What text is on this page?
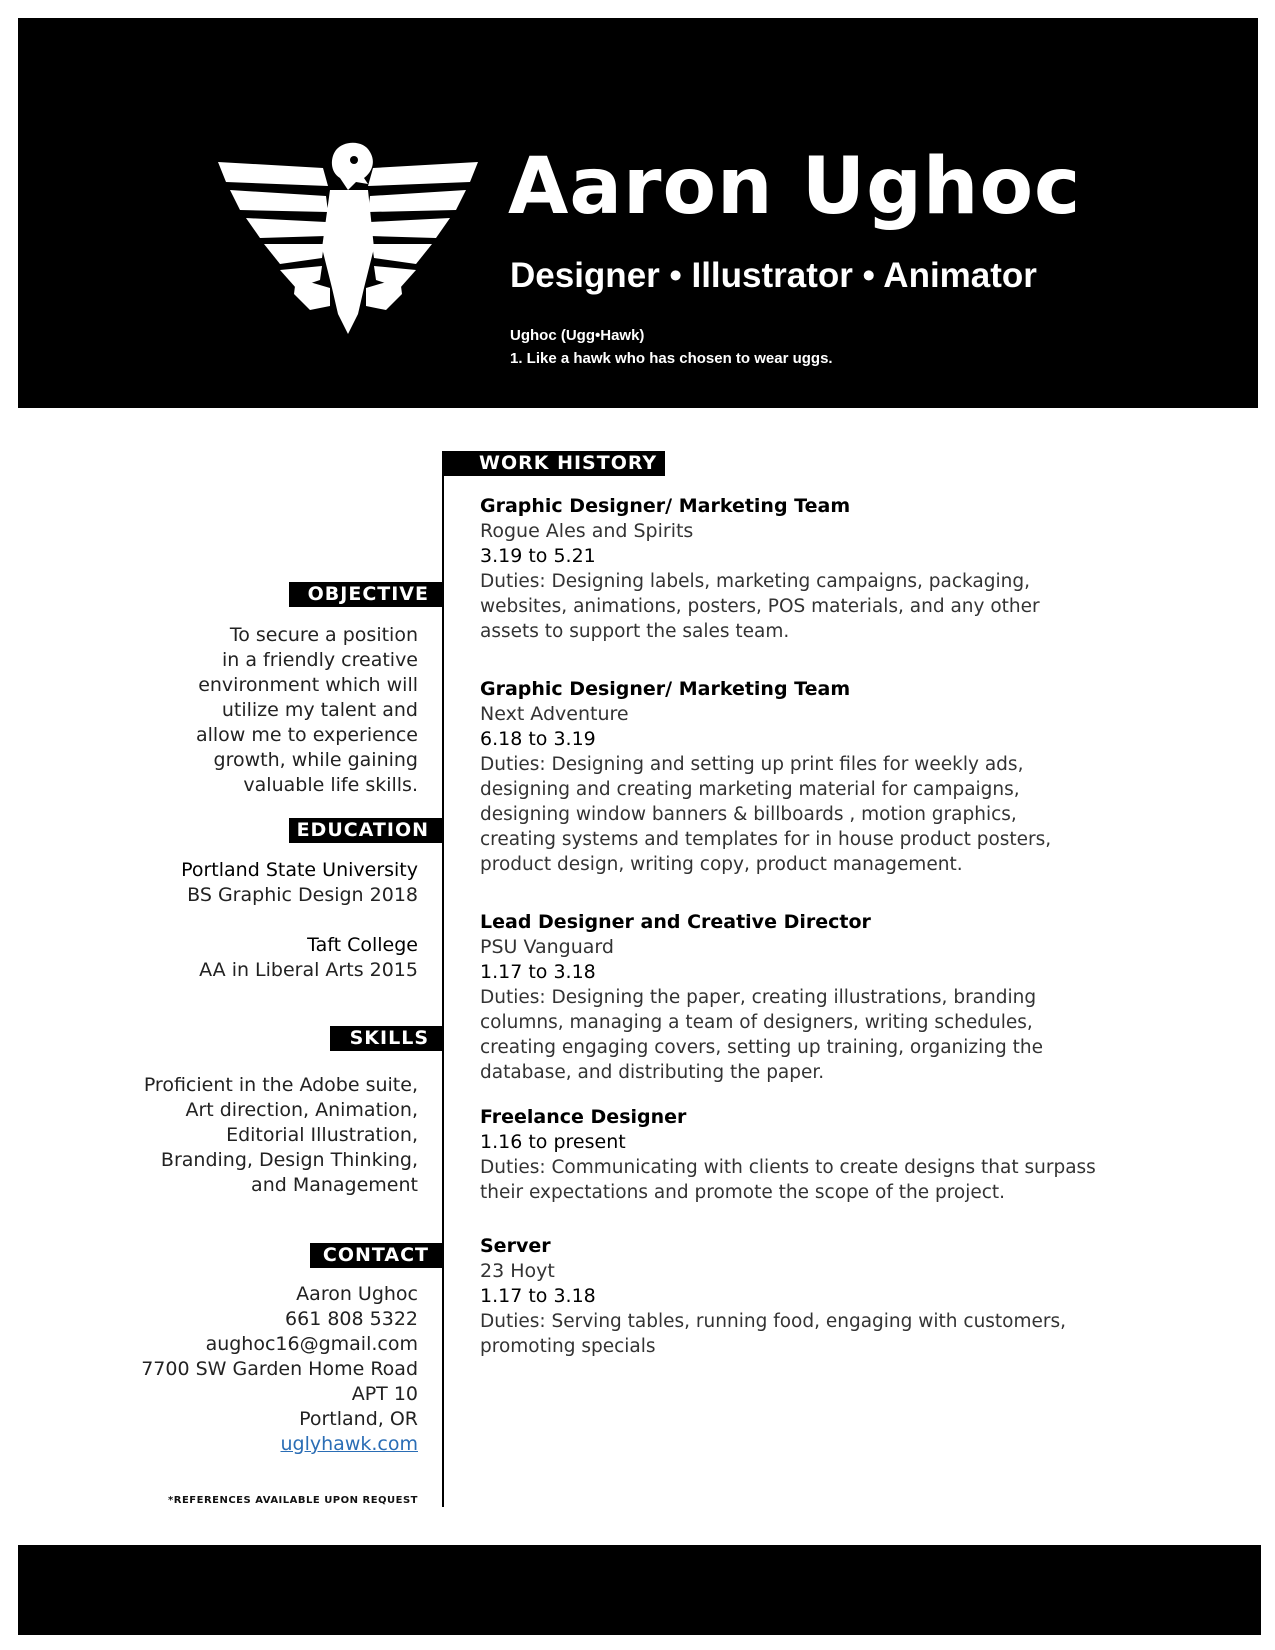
Aaron Ughoc
Designer • Illustrator • Animator
Ughoc (Ugg•Hawk)
1. Like a hawk who has chosen to wear uggs.
WORK HISTORY
OBJECTIVE

To secure a position

in a friendly creative

environment which will

utilize my talent and

allow me to experience

growth, while gaining

valuable life skills.

EDUCATION

Portland State University

BS Graphic Design 2018

Taft College

AA in Liberal Arts 2015

SKILLS

Proficient in the Adobe suite,

Art direction, Animation,

Editorial Illustration,

Branding, Design Thinking,

and Management

CONTACT

Aaron Ughoc

661 808 5322

aughoc16@gmail.com

7700 SW Garden Home Road

APT 10

Portland, OR

uglyhawk.com

*REFERENCES AVAILABLE UPON REQUEST
Graphic Designer/ Marketing Team
Rogue Ales and Spirits
3.19 to 5.21
Duties: Designing labels, marketing campaigns, packaging,
websites, animations, posters, POS materials, and any other
assets to support the sales team.
Graphic Designer/ Marketing Team
Next Adventure
6.18 to 3.19
Duties: Designing and setting up print files for weekly ads,
designing and creating marketing material for campaigns,
designing window banners & billboards , motion graphics,
creating systems and templates for in house product posters,
product design, writing copy, product management.
Lead Designer and Creative Director
PSU Vanguard
1.17 to 3.18
Duties: Designing the paper, creating illustrations, branding
columns, managing a team of designers, writing schedules,
creating engaging covers, setting up training, organizing the
database, and distributing the paper.
Freelance Designer
1.16 to present
Duties: Communicating with clients to create designs that surpass
their expectations and promote the scope of the project.
Server
23 Hoyt
1.17 to 3.18
Duties: Serving tables, running food, engaging with customers,
promoting specials
